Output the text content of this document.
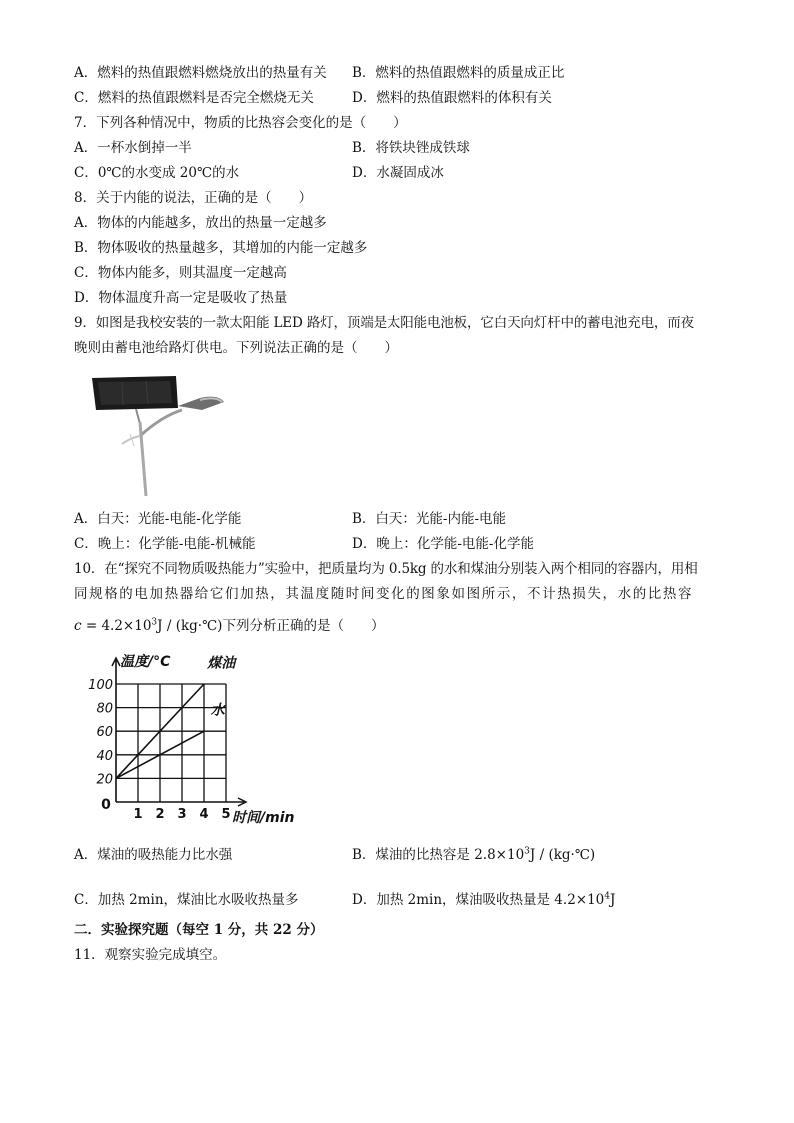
A．燃料的热值跟燃料燃烧放出的热量有关 B．燃料的热值跟燃料的质量成正比
C．燃料的热值跟燃料是否完全燃烧无关	D．燃料的热值跟燃料的体积有关
7．下列各种情况中，物质的比热容会变化的是（　　）
A．一杯水倒掉一半	B．将铁块锉成铁球
C．0℃的水变成 20℃的水	D．水凝固成冰
8．关于内能的说法，正确的是（　　）
A．物体的内能越多，放出的热量一定越多
B．物体吸收的热量越多，其增加的内能一定越多
C．物体内能多，则其温度一定越高
D．物体温度升高一定是吸收了热量
9．如图是我校安装的一款太阳能 LED 路灯，顶端是太阳能电池板，它白天向灯杆中的蓄电池充电，而夜
晚则由蓄电池给路灯供电。下列说法正确的是（　　）
A．白天：光能-电能-化学能	B．白天：光能-内能-电能
C．晚上：化学能-电能-机械能	D．晚上：化学能-电能-化学能
10．在“探究不同物质吸热能力”实验中，把质量均为 0.5kg 的水和煤油分别装入两个相同的容器内，用相
同规格的电加热器给它们加热，其温度随时间变化的图象如图所示，不计热损失，水的比热容
$c = 4.2\times 10^3J$ / (kg·℃)下列分析正确的是（　　）
20
40
60
80
100
1 2 3 4 5
0
温度/°C
时间/min
煤油
水
A．煤油的吸热能力比水强	B．煤油的比热容是 $2.8\times 10^3J$ / (kg·℃)
C．加热 2min，煤油比水吸收热量多	D．加热 2min，煤油吸收热量是 $4.2\times 10^4J$
二．实验探究题（每空 1 分，共 22 分）
11．观察实验完成填空。
